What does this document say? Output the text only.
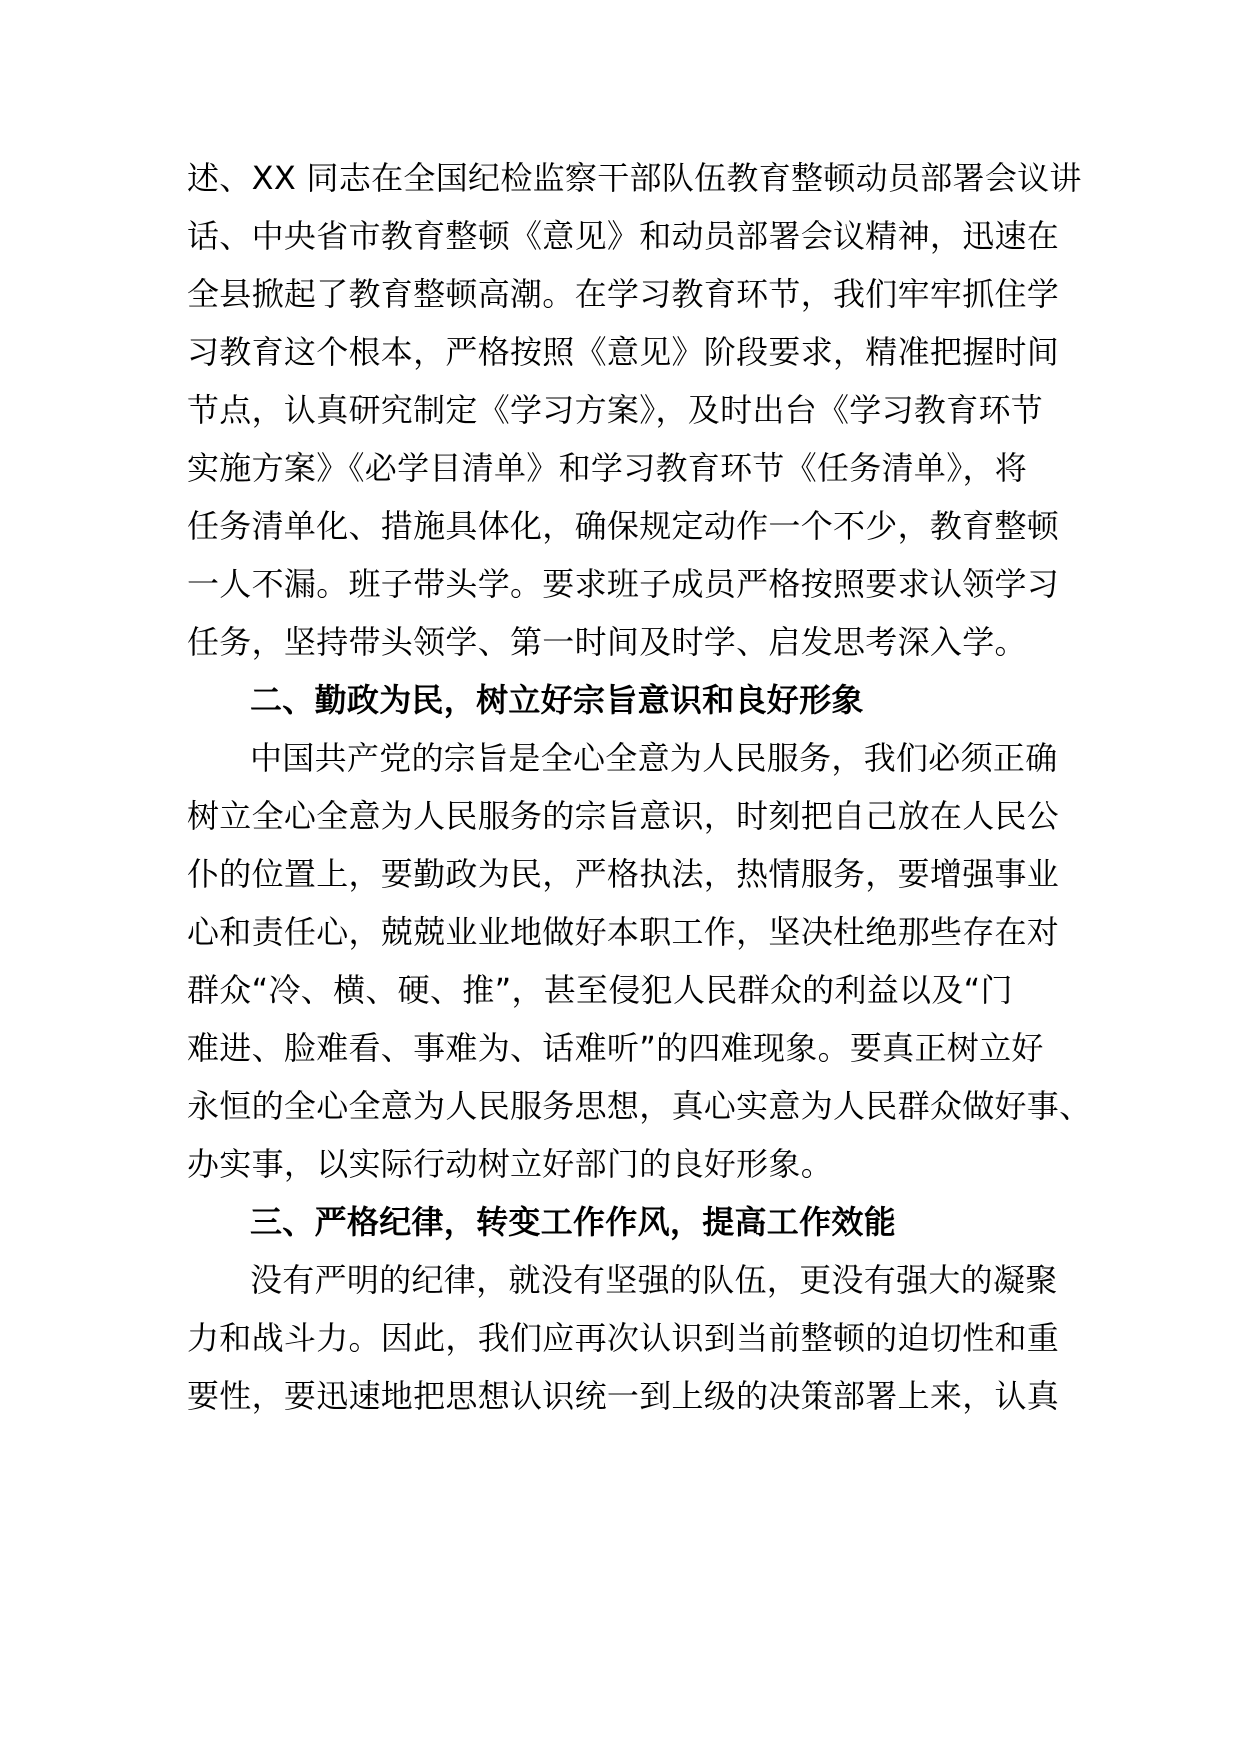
述、XX 同志在全国纪检监察干部队伍教育整顿动员部署会议讲
话、中央省市教育整顿《意见》和动员部署会议精神，迅速在
全县掀起了教育整顿高潮。在学习教育环节，我们牢牢抓住学
习教育这个根本，严格按照《意见》阶段要求，精准把握时间
节点，认真研究制定《学习方案》，及时出台《学习教育环节
实施方案》《必学目清单》和学习教育环节《任务清单》，将
任务清单化、措施具体化，确保规定动作一个不少，教育整顿
一人不漏。班子带头学。要求班子成员严格按照要求认领学习
任务，坚持带头领学、第一时间及时学、启发思考深入学。
二、勤政为民，树立好宗旨意识和良好形象
中国共产党的宗旨是全心全意为人民服务，我们必须正确
树立全心全意为人民服务的宗旨意识，时刻把自己放在人民公
仆的位置上，要勤政为民，严格执法，热情服务，要增强事业
心和责任心，兢兢业业地做好本职工作，坚决杜绝那些存在对
群众“冷、横、硬、推”，甚至侵犯人民群众的利益以及“门
难进、脸难看、事难为、话难听”的四难现象。要真正树立好
永恒的全心全意为人民服务思想，真心实意为人民群众做好事、
办实事，以实际行动树立好部门的良好形象。
三、严格纪律，转变工作作风，提高工作效能
没有严明的纪律，就没有坚强的队伍，更没有强大的凝聚
力和战斗力。因此，我们应再次认识到当前整顿的迫切性和重
要性，要迅速地把思想认识统一到上级的决策部署上来，认真
